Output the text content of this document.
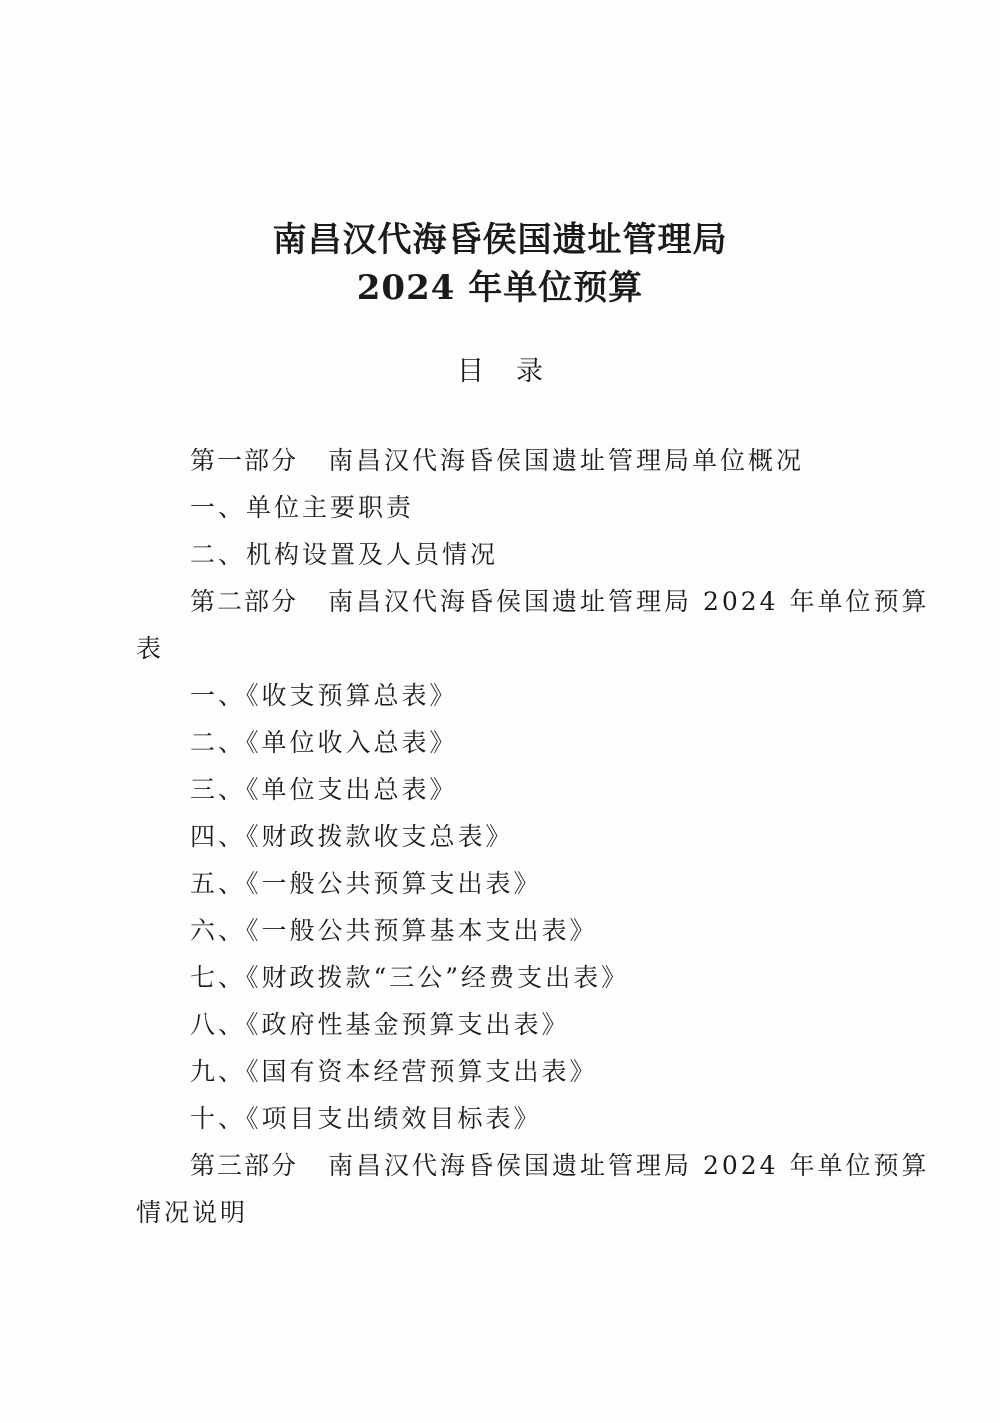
南昌汉代海昏侯国遗址管理局
2024 年单位预算
目录
第一部分 南昌汉代海昏侯国遗址管理局单位概况
一、单位主要职责
二、机构设置及人员情况
第二部分 南昌汉代海昏侯国遗址管理局 2024 年单位预算
表
一、《收支预算总表》
二、《单位收入总表》
三、《单位支出总表》
四、《财政拨款收支总表》
五、《一般公共预算支出表》
六、《一般公共预算基本支出表》
七、《财政拨款“三公”经费支出表》
八、《政府性基金预算支出表》
九、《国有资本经营预算支出表》
十、《项目支出绩效目标表》
第三部分 南昌汉代海昏侯国遗址管理局 2024 年单位预算
情况说明
